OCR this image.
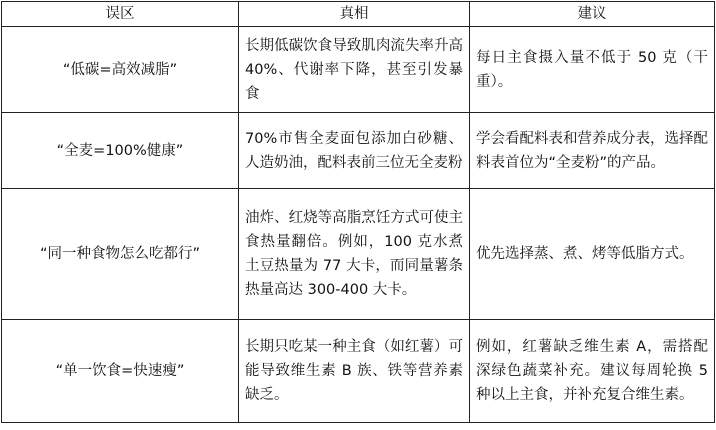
误区	真相	建议
“低碳=高效减脂”	长期低碳饮食导致肌肉流失率升高 40%、代谢率下降，甚至引发暴食	每日主食摄入量不低于 50 克（干重）。
“全麦=100%健康”	70%市售全麦面包添加白砂糖、人造奶油，配料表前三位无全麦粉	学会看配料表和营养成分表，选择配料表首位为“全麦粉”的产品。
“同一种食物怎么吃都行”	油炸、红烧等高脂烹饪方式可使主食热量翻倍。例如，100 克水煮土豆热量为 77 大卡，而同量薯条热量高达 300-400 大卡。	优先选择蒸、煮、烤等低脂方式。
“单一饮食=快速瘦”	长期只吃某一种主食（如红薯）可能导致维生素 B 族、铁等营养素缺乏。	例如，红薯缺乏维生素 A，需搭配深绿色蔬菜补充。建议每周轮换 5 种以上主食，并补充复合维生素。
